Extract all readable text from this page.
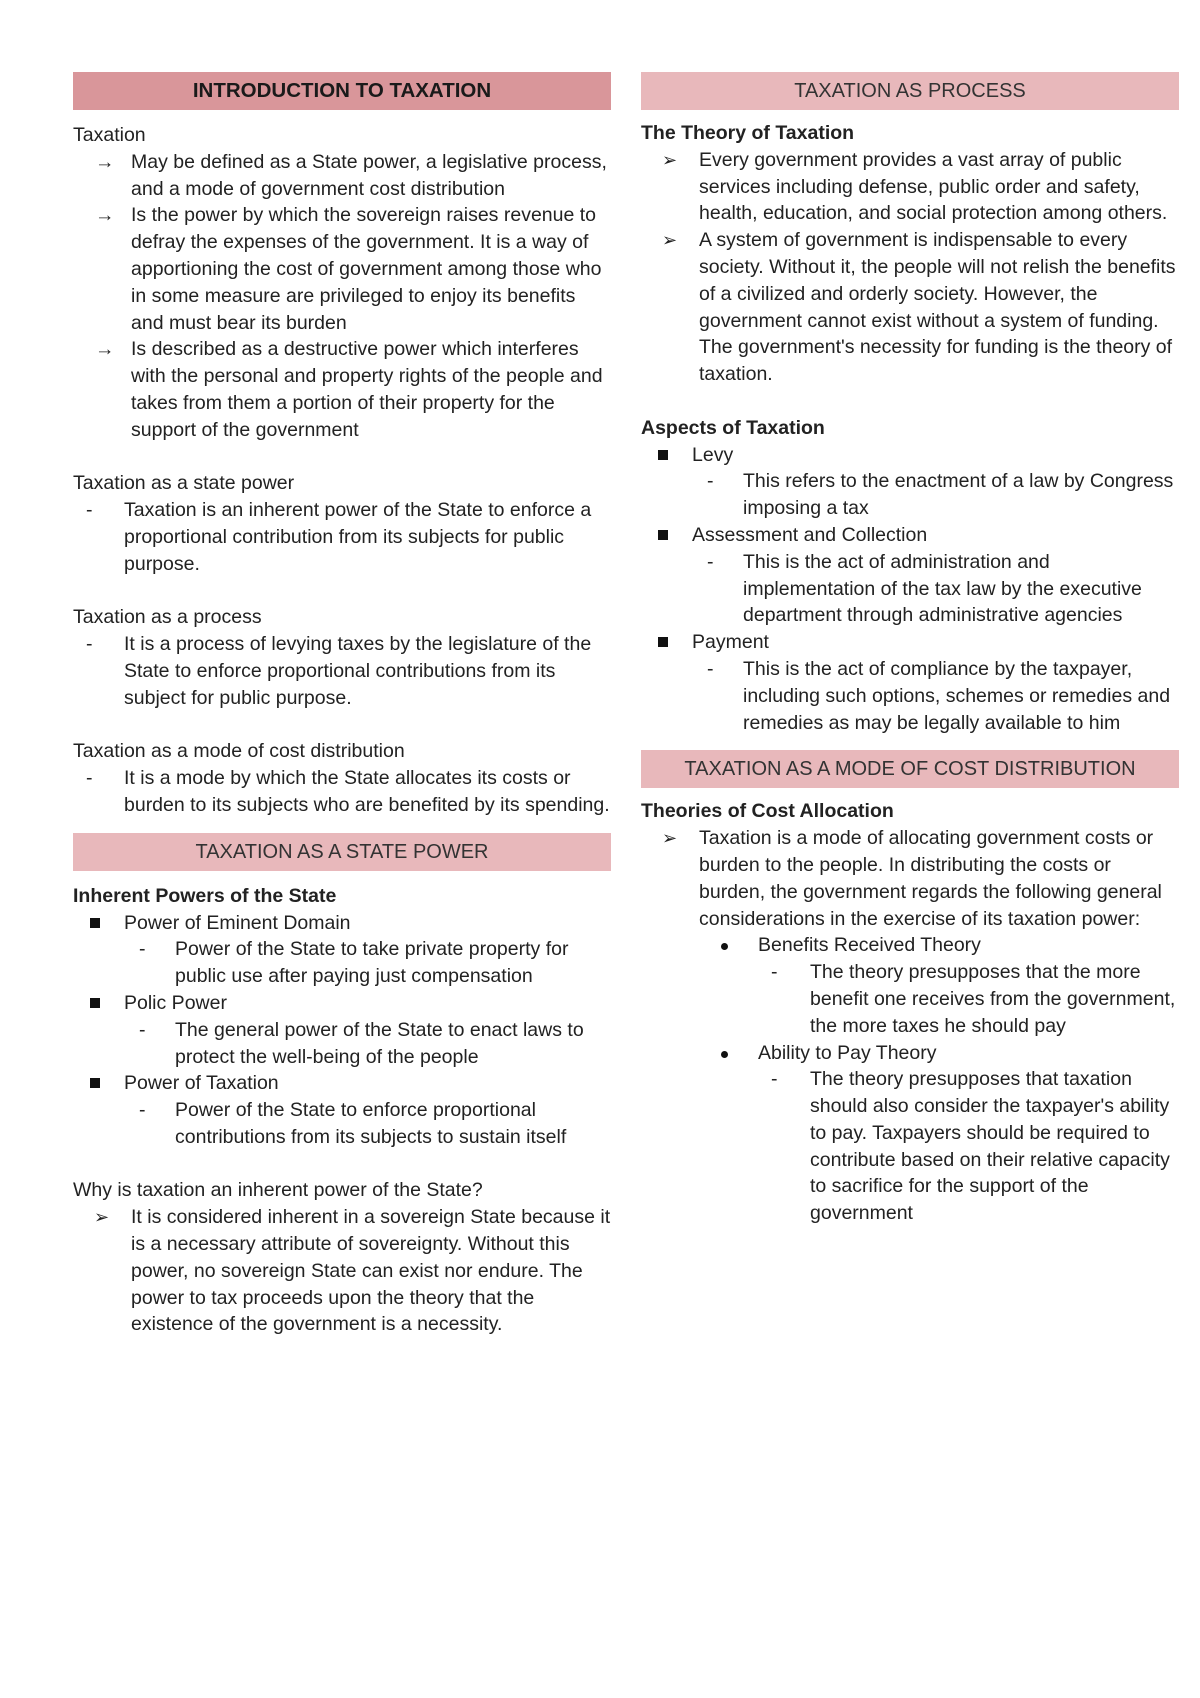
INTRODUCTION TO TAXATION

Taxation

→ May be defined as a State power, a legislative process, and a mode of government cost distribution
→ Is the power by which the sovereign raises revenue to defray the expenses of the government. It is a way of apportioning the cost of government among those who in some measure are privileged to enjoy its benefits and must bear its burden
→ Is described as a destructive power which interferes with the personal and property rights of the people and takes from them a portion of their property for the support of the government

Taxation as a state power

- Taxation is an inherent power of the State to enforce a proportional contribution from its subjects for public purpose.

Taxation as a process

- It is a process of levying taxes by the legislature of the State to enforce proportional contributions from its subject for public purpose.

Taxation as a mode of cost distribution

- It is a mode by which the State allocates its costs or burden to its subjects who are benefited by its spending.
TAXATION AS A STATE POWER

Inherent Powers of the State

Power of Eminent Domain
- Power of the State to take private property for public use after paying just compensation
Polic Power
- The general power of the State to enact laws to protect the well-being of the people
Power of Taxation
- Power of the State to enforce proportional contributions from its subjects to sustain itself

Why is taxation an inherent power of the State?

➢ It is considered inherent in a sovereign State because it is a necessary attribute of sovereignty. Without this power, no sovereign State can exist nor endure. The power to tax proceeds upon the theory that the existence of the government is a necessity.
TAXATION AS PROCESS

The Theory of Taxation

➢ Every government provides a vast array of public services including defense, public order and safety, health, education, and social protection among others.
➢ A system of government is indispensable to every society. Without it, the people will not relish the benefits of a civilized and orderly society. However, the government cannot exist without a system of funding. The government's necessity for funding is the theory of taxation.

Aspects of Taxation

Levy
- This refers to the enactment of a law by Congress imposing a tax
Assessment and Collection
- This is the act of administration and implementation of the tax law by the executive department through administrative agencies
Payment
- This is the act of compliance by the taxpayer, including such options, schemes or remedies and remedies as may be legally available to him
TAXATION AS A MODE OF COST DISTRIBUTION

Theories of Cost Allocation

➢ Taxation is a mode of allocating government costs or burden to the people. In distributing the costs or burden, the government regards the following general considerations in the exercise of its taxation power:
Benefits Received Theory
- The theory presupposes that the more benefit one receives from the government, the more taxes he should pay
Ability to Pay Theory
- The theory presupposes that taxation should also consider the taxpayer's ability to pay. Taxpayers should be required to contribute based on their relative capacity to sacrifice for the support of the government
